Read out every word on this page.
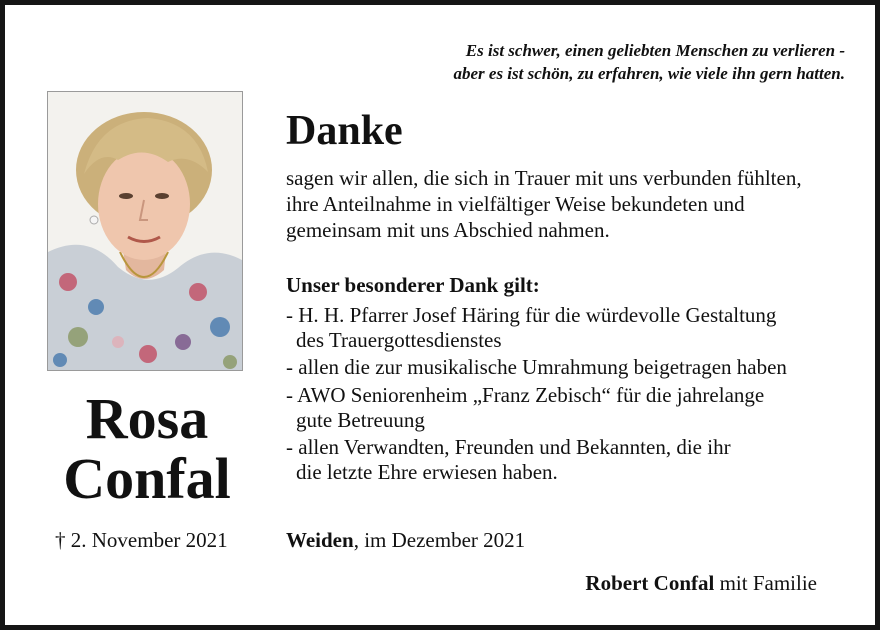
Es ist schwer, einen geliebten Menschen zu verlieren -
aber es ist schön, zu erfahren, wie viele ihn gern hatten.
Rosa
Confal
† 2. November 2021
Danke
sagen wir allen, die sich in Trauer mit uns verbunden fühlten,
ihre Anteilnahme in vielfältiger Weise bekundeten und
gemeinsam mit uns Abschied nahmen.
Unser besonderer Dank gilt:
- H. H. Pfarrer Josef Häring für die würdevolle Gestaltung
des Trauergottesdienstes
- allen die zur musikalische Umrahmung beigetragen haben
- AWO Seniorenheim „Franz Zebisch“ für die jahrelange
gute Betreuung
- allen Verwandten, Freunden und Bekannten, die ihr
die letzte Ehre erwiesen haben.
Weiden, im Dezember 2021
Robert Confal mit Familie
